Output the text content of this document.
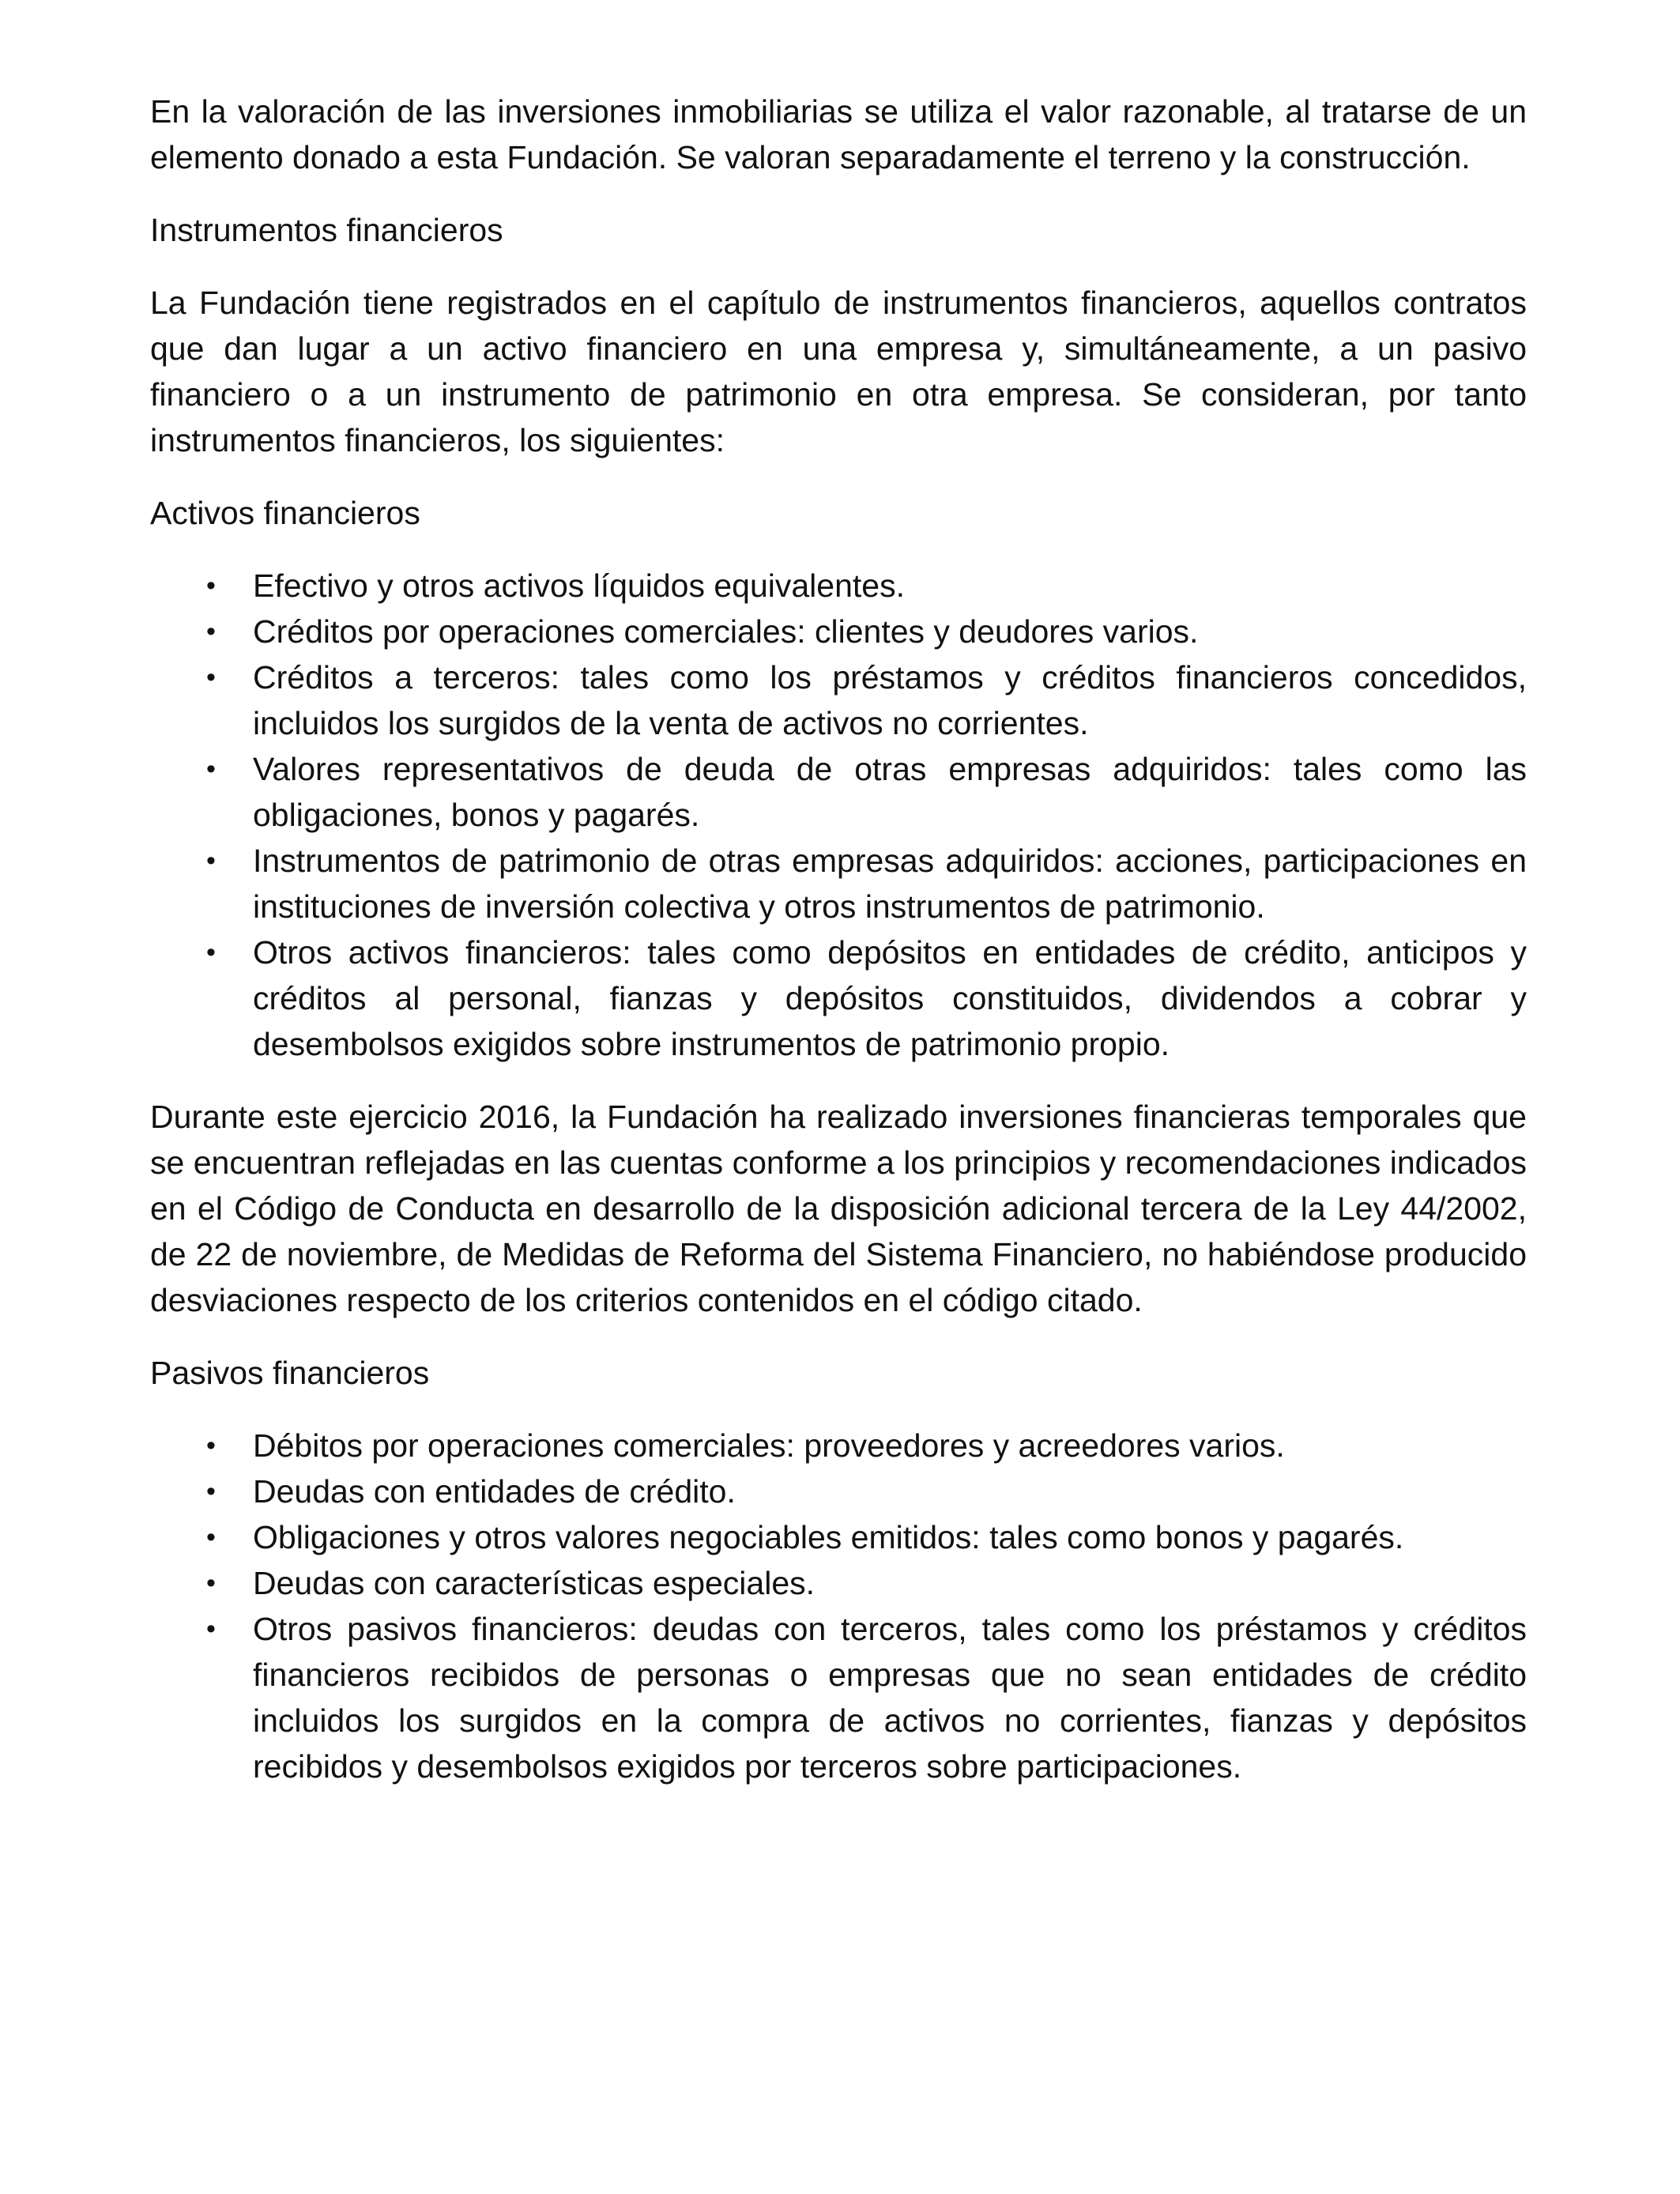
En la valoración de las inversiones inmobiliarias se utiliza el valor razonable, al tratarse de un elemento donado a esta Fundación. Se valoran separadamente el terreno y la construcción.

Instrumentos financieros

La Fundación tiene registrados en el capítulo de instrumentos financieros, aquellos contratos que dan lugar a un activo financiero en una empresa y, simultáneamente, a un pasivo financiero o a un instrumento de patrimonio en otra empresa. Se consideran, por tanto instrumentos financieros, los siguientes:

Activos financieros

• Efectivo y otros activos líquidos equivalentes.
• Créditos por operaciones comerciales: clientes y deudores varios.
• Créditos a terceros: tales como los préstamos y créditos financieros concedidos, incluidos los surgidos de la venta de activos no corrientes.
• Valores representativos de deuda de otras empresas adquiridos: tales como las obligaciones, bonos y pagarés.
• Instrumentos de patrimonio de otras empresas adquiridos: acciones, participaciones en instituciones de inversión colectiva y otros instrumentos de patrimonio.
• Otros activos financieros: tales como depósitos en entidades de crédito, anticipos y créditos al personal, fianzas y depósitos constituidos, dividendos a cobrar y desembolsos exigidos sobre instrumentos de patrimonio propio.

Durante este ejercicio 2016, la Fundación ha realizado inversiones financieras temporales que se encuentran reflejadas en las cuentas conforme a los principios y recomendaciones indicados en el Código de Conducta en desarrollo de la disposición adicional tercera de la Ley 44/2002, de 22 de noviembre, de Medidas de Reforma del Sistema Financiero, no habiéndose producido desviaciones respecto de los criterios contenidos en el código citado.

Pasivos financieros

• Débitos por operaciones comerciales: proveedores y acreedores varios.
• Deudas con entidades de crédito.
• Obligaciones y otros valores negociables emitidos: tales como bonos y pagarés.
• Deudas con características especiales.
• Otros pasivos financieros: deudas con terceros, tales como los préstamos y créditos financieros recibidos de personas o empresas que no sean entidades de crédito incluidos los surgidos en la compra de activos no corrientes, fianzas y depósitos recibidos y desembolsos exigidos por terceros sobre participaciones.
